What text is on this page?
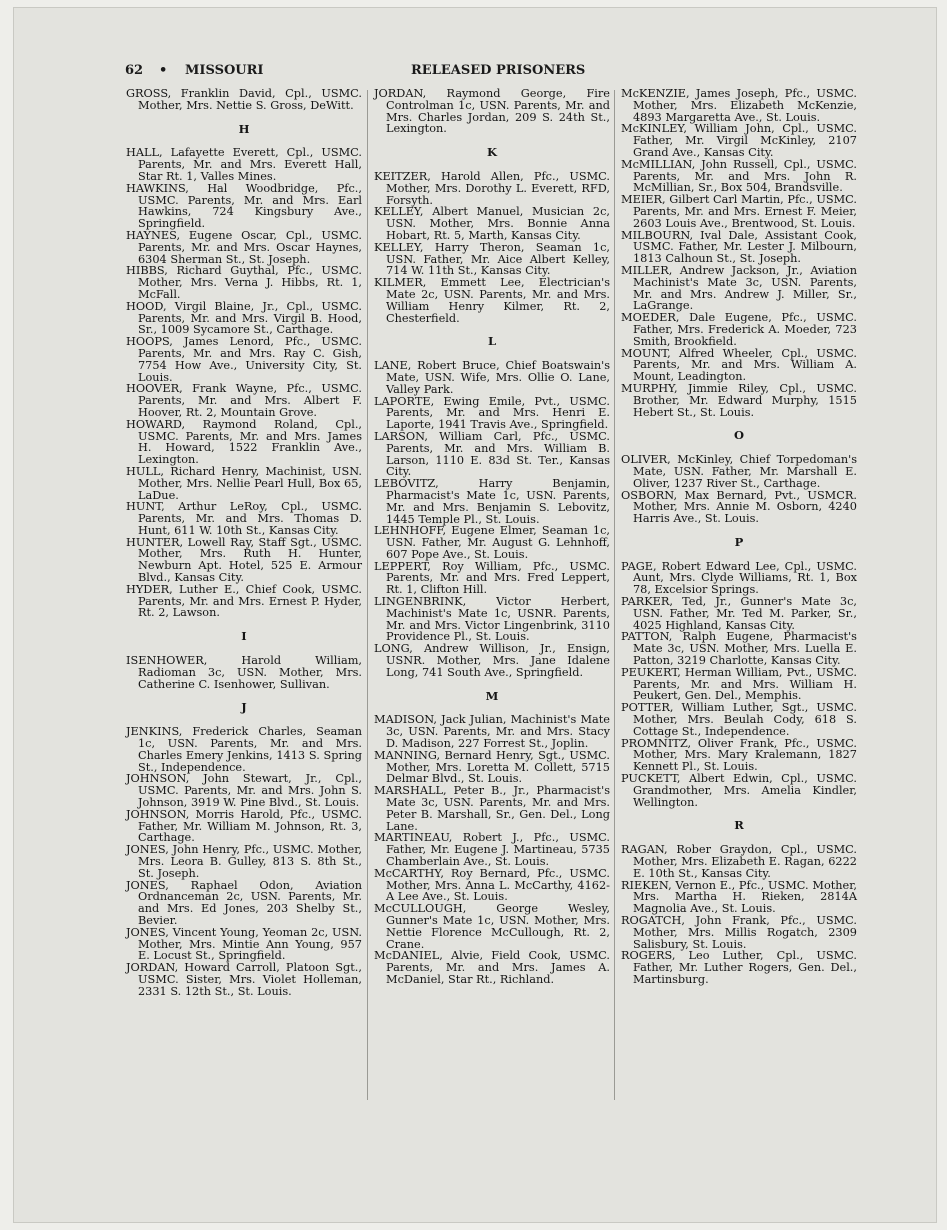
62 • MISSOURI	RELEASED PRISONERS
GROSS, Franklin David, Cpl., USMC. Mother, Mrs. Nettie S. Gross, DeWitt.
H
HALL, Lafayette Everett, Cpl., USMC. Parents, Mr. and Mrs. Everett Hall, Star Rt. 1, Valles Mines.
HAWKINS, Hal Woodbridge, Pfc., USMC. Parents, Mr. and Mrs. Earl Hawkins, 724 Kingsbury Ave., Springfield.
HAYNES, Eugene Oscar, Cpl., USMC. Parents, Mr. and Mrs. Oscar Haynes, 6304 Sherman St., St. Joseph.
HIBBS, Richard Guythal, Pfc., USMC. Mother, Mrs. Verna J. Hibbs, Rt. 1, McFall.
HOOD, Virgil Blaine, Jr., Cpl., USMC. Parents, Mr. and Mrs. Virgil B. Hood, Sr., 1009 Sycamore St., Carthage.
HOOPS, James Lenord, Pfc., USMC. Parents, Mr. and Mrs. Ray C. Gish, 7754 How Ave., University City, St. Louis.
HOOVER, Frank Wayne, Pfc., USMC. Parents, Mr. and Mrs. Albert F. Hoover, Rt. 2, Mountain Grove.
HOWARD, Raymond Roland, Cpl., USMC. Parents, Mr. and Mrs. James H. Howard, 1522 Franklin Ave., Lexington.
HULL, Richard Henry, Machinist, USN. Mother, Mrs. Nellie Pearl Hull, Box 65, LaDue.
HUNT, Arthur LeRoy, Cpl., USMC. Parents, Mr. and Mrs. Thomas D. Hunt, 611 W. 10th St., Kansas City.
HUNTER, Lowell Ray, Staff Sgt., USMC. Mother, Mrs. Ruth H. Hunter, Newburn Apt. Hotel, 525 E. Armour Blvd., Kansas City.
HYDER, Luther E., Chief Cook, USMC. Parents, Mr. and Mrs. Ernest P. Hyder, Rt. 2, Lawson.
I
ISENHOWER, Harold William, Radioman 3c, USN. Mother, Mrs. Catherine C. Isenhower, Sullivan.
J
JENKINS, Frederick Charles, Seaman 1c, USN. Parents, Mr. and Mrs. Charles Emery Jenkins, 1413 S. Spring St., Independence.
JOHNSON, John Stewart, Jr., Cpl., USMC. Parents, Mr. and Mrs. John S. Johnson, 3919 W. Pine Blvd., St. Louis.
JOHNSON, Morris Harold, Pfc., USMC. Father, Mr. William M. Johnson, Rt. 3, Carthage.
JONES, John Henry, Pfc., USMC. Mother, Mrs. Leora B. Gulley, 813 S. 8th St., St. Joseph.
JONES, Raphael Odon, Aviation Ordnanceman 2c, USN. Parents, Mr. and Mrs. Ed Jones, 203 Shelby St., Bevier.
JONES, Vincent Young, Yeoman 2c, USN. Mother, Mrs. Mintie Ann Young, 957 E. Locust St., Springfield.
JORDAN, Howard Carroll, Platoon Sgt., USMC. Sister, Mrs. Violet Holleman, 2331 S. 12th St., St. Louis.
JORDAN, Raymond George, Fire Controlman 1c, USN. Parents, Mr. and Mrs. Charles Jordan, 209 S. 24th St., Lexington.
K
KEITZER, Harold Allen, Pfc., USMC. Mother, Mrs. Dorothy L. Everett, RFD, Forsyth.
KELLEY, Albert Manuel, Musician 2c, USN. Mother, Mrs. Bonnie Anna Hobart, Rt. 5, Marth, Kansas City.
KELLEY, Harry Theron, Seaman 1c, USN. Father, Mr. Aice Albert Kelley, 714 W. 11th St., Kansas City.
KILMER, Emmett Lee, Electrician's Mate 2c, USN. Parents, Mr. and Mrs. William Henry Kilmer, Rt. 2, Chesterfield.
L
LANE, Robert Bruce, Chief Boatswain's Mate, USN. Wife, Mrs. Ollie O. Lane, Valley Park.
LAPORTE, Ewing Emile, Pvt., USMC. Parents, Mr. and Mrs. Henri E. Laporte, 1941 Travis Ave., Springfield.
LARSON, William Carl, Pfc., USMC. Parents, Mr. and Mrs. William B. Larson, 1110 E. 83d St. Ter., Kansas City.
LEBOVITZ, Harry Benjamin, Pharmacist's Mate 1c, USN. Parents, Mr. and Mrs. Benjamin S. Lebovitz, 1445 Temple Pl., St. Louis.
LEHNHOFF, Eugene Elmer, Seaman 1c, USN. Father, Mr. August G. Lehnhoff, 607 Pope Ave., St. Louis.
LEPPERT, Roy William, Pfc., USMC. Parents, Mr. and Mrs. Fred Leppert, Rt. 1, Clifton Hill.
LINGENBRINK, Victor Herbert, Machinist's Mate 1c, USNR. Parents, Mr. and Mrs. Victor Lingenbrink, 3110 Providence Pl., St. Louis.
LONG, Andrew Willison, Jr., Ensign, USNR. Mother, Mrs. Jane Idalene Long, 741 South Ave., Springfield.
M
MADISON, Jack Julian, Machinist's Mate 3c, USN. Parents, Mr. and Mrs. Stacy D. Madison, 227 Forrest St., Joplin.
MANNING, Bernard Henry, Sgt., USMC. Mother, Mrs. Loretta M. Collett, 5715 Delmar Blvd., St. Louis.
MARSHALL, Peter B., Jr., Pharmacist's Mate 3c, USN. Parents, Mr. and Mrs. Peter B. Marshall, Sr., Gen. Del., Long Lane.
MARTINEAU, Robert J., Pfc., USMC. Father, Mr. Eugene J. Martineau, 5735 Chamberlain Ave., St. Louis.
McCARTHY, Roy Bernard, Pfc., USMC. Mother, Mrs. Anna L. McCarthy, 4162-A Lee Ave., St. Louis.
McCULLOUGH, George Wesley, Gunner's Mate 1c, USN. Mother, Mrs. Nettie Florence McCullough, Rt. 2, Crane.
McDANIEL, Alvie, Field Cook, USMC. Parents, Mr. and Mrs. James A. McDaniel, Star Rt., Richland.
McKENZIE, James Joseph, Pfc., USMC. Mother, Mrs. Elizabeth McKenzie, 4893 Margaretta Ave., St. Louis.
McKINLEY, William John, Cpl., USMC. Father, Mr. Virgil McKinley, 2107 Grand Ave., Kansas City.
McMILLIAN, John Russell, Cpl., USMC. Parents, Mr. and Mrs. John R. McMillian, Sr., Box 504, Brandsville.
MEIER, Gilbert Carl Martin, Pfc., USMC. Parents, Mr. and Mrs. Ernest F. Meier, 2603 Louis Ave., Brentwood, St. Louis.
MILBOURN, Ival Dale, Assistant Cook, USMC. Father, Mr. Lester J. Milbourn, 1813 Calhoun St., St. Joseph.
MILLER, Andrew Jackson, Jr., Aviation Machinist's Mate 3c, USN. Parents, Mr. and Mrs. Andrew J. Miller, Sr., LaGrange.
MOEDER, Dale Eugene, Pfc., USMC. Father, Mrs. Frederick A. Moeder, 723 Smith, Brookfield.
MOUNT, Alfred Wheeler, Cpl., USMC. Parents, Mr. and Mrs. William A. Mount, Leadington.
MURPHY, Jimmie Riley, Cpl., USMC. Brother, Mr. Edward Murphy, 1515 Hebert St., St. Louis.
O
OLIVER, McKinley, Chief Torpedoman's Mate, USN. Father, Mr. Marshall E. Oliver, 1237 River St., Carthage.
OSBORN, Max Bernard, Pvt., USMCR. Mother, Mrs. Annie M. Osborn, 4240 Harris Ave., St. Louis.
P
PAGE, Robert Edward Lee, Cpl., USMC. Aunt, Mrs. Clyde Williams, Rt. 1, Box 78, Excelsior Springs.
PARKER, Ted, Jr., Gunner's Mate 3c, USN. Father, Mr. Ted M. Parker, Sr., 4025 Highland, Kansas City.
PATTON, Ralph Eugene, Pharmacist's Mate 3c, USN. Mother, Mrs. Luella E. Patton, 3219 Charlotte, Kansas City.
PEUKERT, Herman William, Pvt., USMC. Parents, Mr. and Mrs. William H. Peukert, Gen. Del., Memphis.
POTTER, William Luther, Sgt., USMC. Mother, Mrs. Beulah Cody, 618 S. Cottage St., Independence.
PROMNITZ, Oliver Frank, Pfc., USMC. Mother, Mrs. Mary Kralemann, 1827 Kennett Pl., St. Louis.
PUCKETT, Albert Edwin, Cpl., USMC. Grandmother, Mrs. Amelia Kindler, Wellington.
R
RAGAN, Rober Graydon, Cpl., USMC. Mother, Mrs. Elizabeth E. Ragan, 6222 E. 10th St., Kansas City.
RIEKEN, Vernon E., Pfc., USMC. Mother, Mrs. Martha H. Rieken, 2814A Magnolia Ave., St. Louis.
ROGATCH, John Frank, Pfc., USMC. Mother, Mrs. Millis Rogatch, 2309 Salisbury, St. Louis.
ROGERS, Leo Luther, Cpl., USMC. Father, Mr. Luther Rogers, Gen. Del., Martinsburg.
